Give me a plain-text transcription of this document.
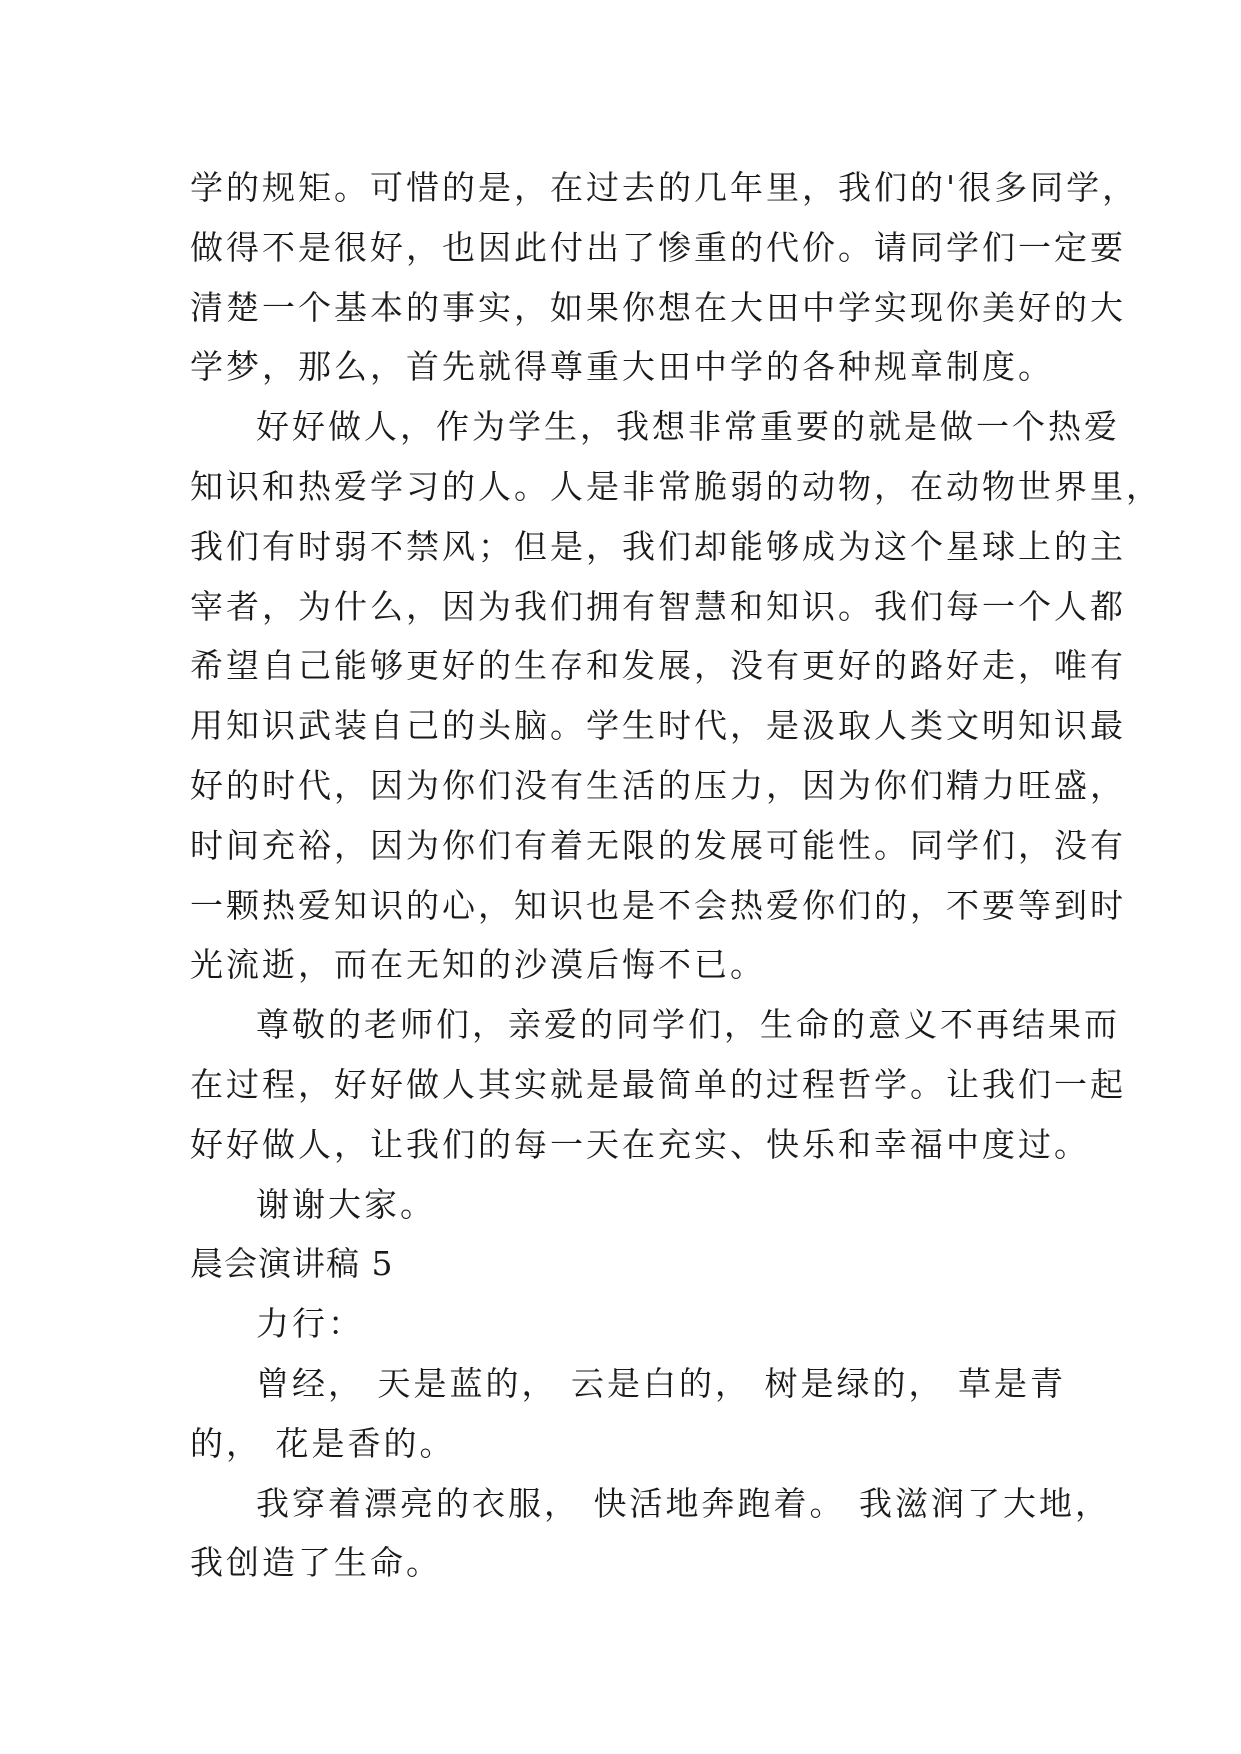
学的规矩。可惜的是，在过去的几年里，我们的'很多同学，
做得不是很好，也因此付出了惨重的代价。请同学们一定要
清楚一个基本的事实，如果你想在大田中学实现你美好的大
学梦，那么，首先就得尊重大田中学的各种规章制度。

好好做人，作为学生，我想非常重要的就是做一个热爱
知识和热爱学习的人。人是非常脆弱的动物，在动物世界里，
我们有时弱不禁风；但是，我们却能够成为这个星球上的主
宰者，为什么，因为我们拥有智慧和知识。我们每一个人都
希望自己能够更好的生存和发展，没有更好的路好走，唯有
用知识武装自己的头脑。学生时代，是汲取人类文明知识最
好的时代，因为你们没有生活的压力，因为你们精力旺盛，
时间充裕，因为你们有着无限的发展可能性。同学们，没有
一颗热爱知识的心，知识也是不会热爱你们的，不要等到时
光流逝，而在无知的沙漠后悔不已。

尊敬的老师们，亲爱的同学们，生命的意义不再结果而
在过程，好好做人其实就是最简单的过程哲学。让我们一起
好好做人，让我们的每一天在充实、快乐和幸福中度过。

谢谢大家。

晨会演讲稿 5

力行：

曾经， 天是蓝的， 云是白的， 树是绿的， 草是青
的， 花是香的。

我穿着漂亮的衣服， 快活地奔跑着。 我滋润了大地，
我创造了生命。
